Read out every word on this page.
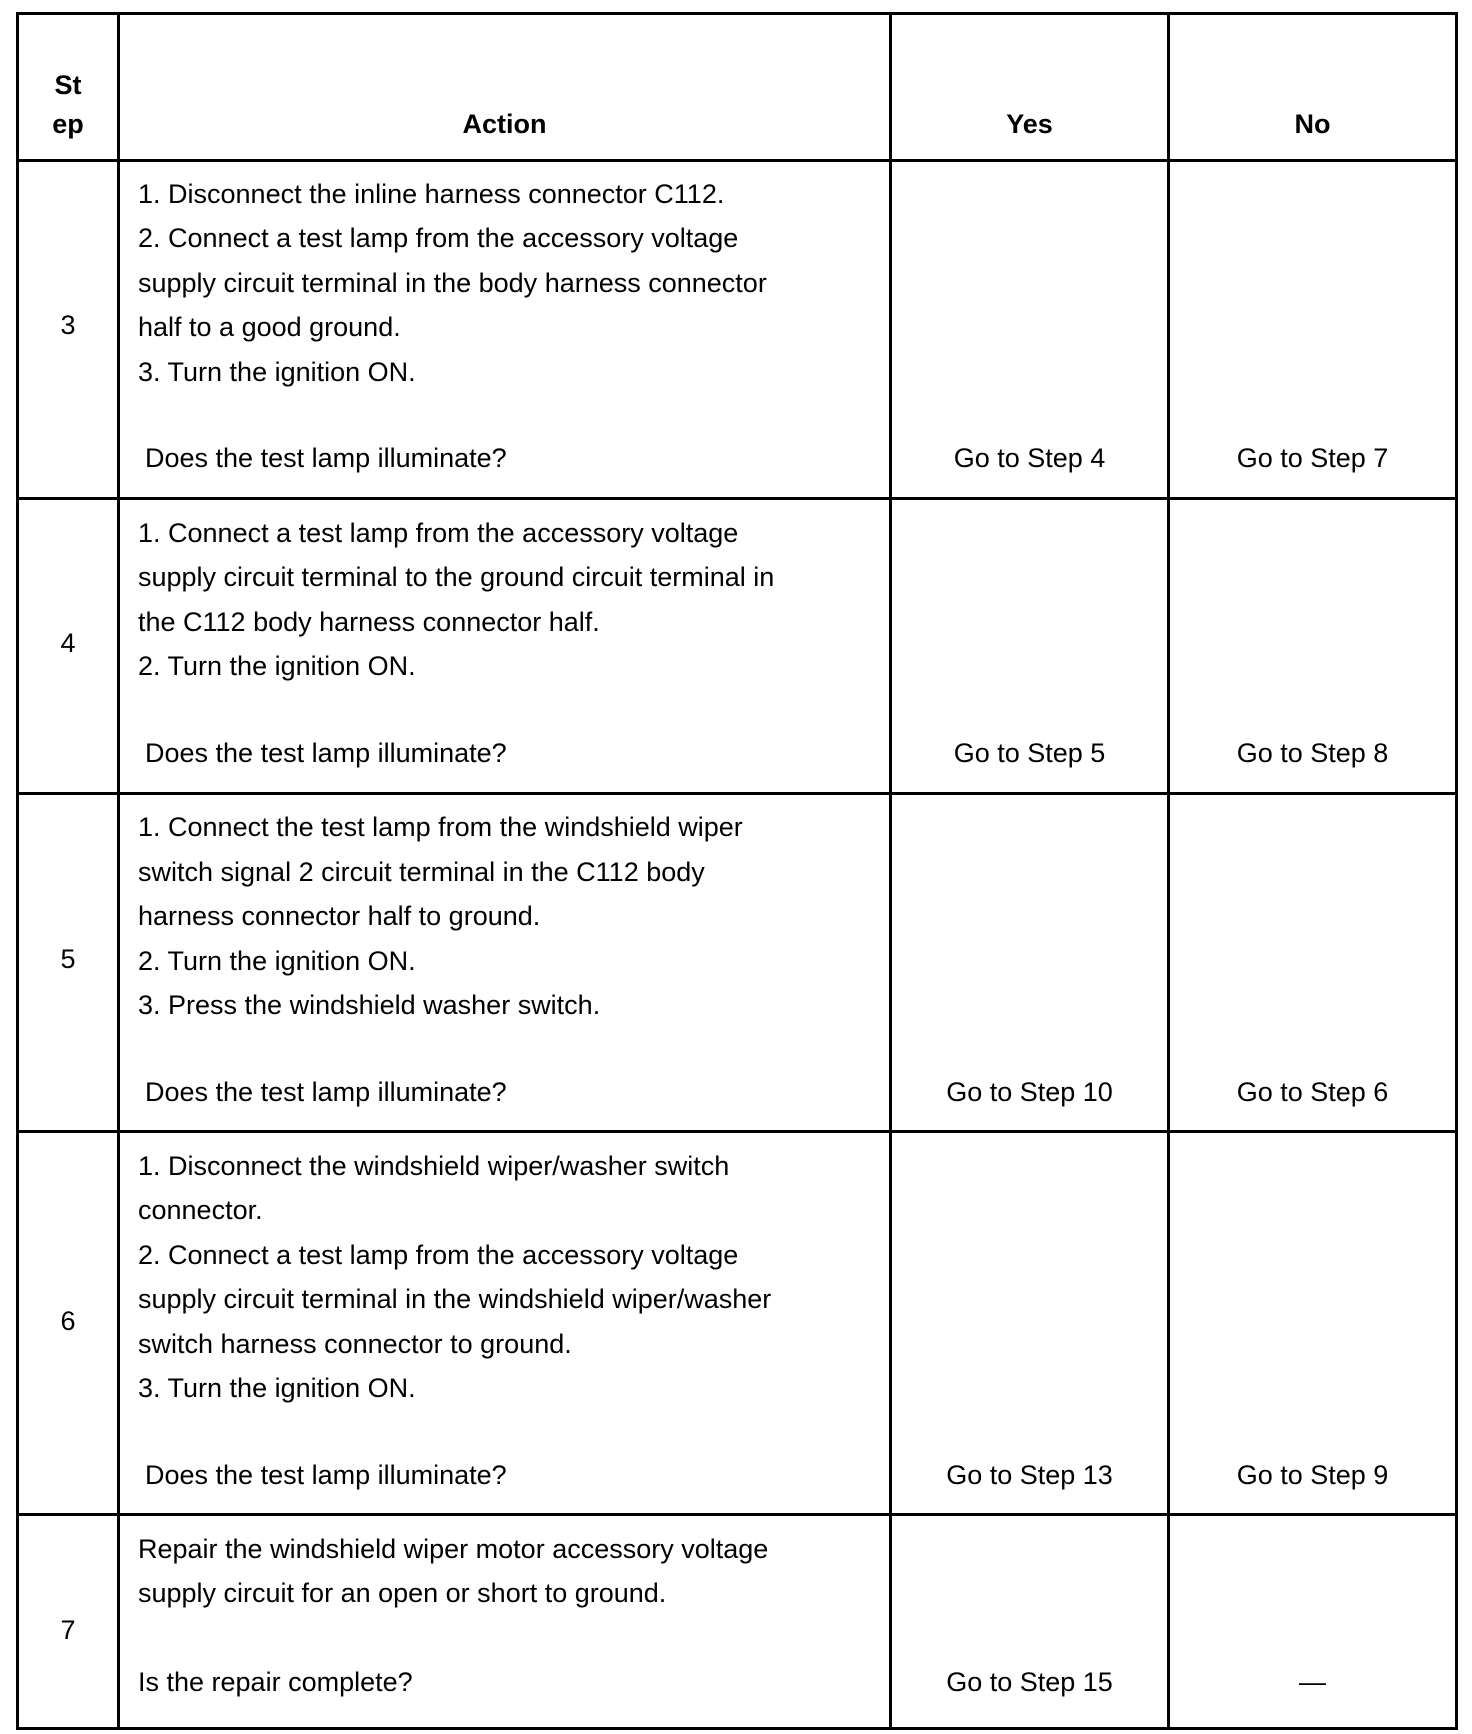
St
ep	Action	Yes	No
3
1. Disconnect the inline harness connector C112.
2. Connect a test lamp from the accessory voltage
supply circuit terminal in the body harness connector
half to a good ground.
3. Turn the ignition ON.
Does the test lamp illuminate?	Go to Step 4	Go to Step 7
4
1. Connect a test lamp from the accessory voltage
supply circuit terminal to the ground circuit terminal in
the C112 body harness connector half.
2. Turn the ignition ON.
Does the test lamp illuminate?	Go to Step 5	Go to Step 8
5
1. Connect the test lamp from the windshield wiper
switch signal 2 circuit terminal in the C112 body
harness connector half to ground.
2. Turn the ignition ON.
3. Press the windshield washer switch.
Does the test lamp illuminate?	Go to Step 10	Go to Step 6
6
1. Disconnect the windshield wiper/washer switch
connector.
2. Connect a test lamp from the accessory voltage
supply circuit terminal in the windshield wiper/washer
switch harness connector to ground.
3. Turn the ignition ON.
Does the test lamp illuminate?	Go to Step 13	Go to Step 9
7
Repair the windshield wiper motor accessory voltage
supply circuit for an open or short to ground.
Is the repair complete?	Go to Step 15	—
